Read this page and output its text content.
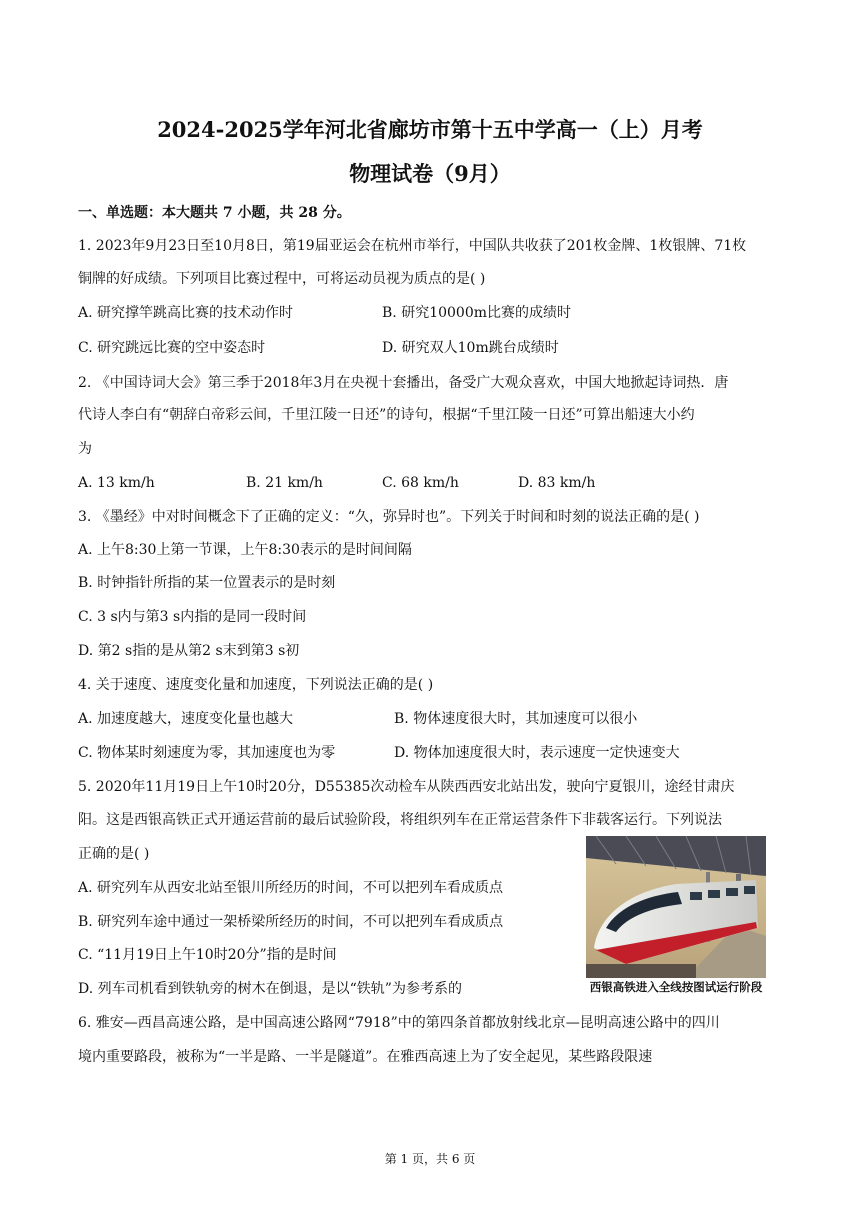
2024-2025学年河北省廊坊市第十五中学高一（上）月考
物理试卷（9月）
一、单选题：本大题共 7 小题，共 28 分。
1. 2023年9月23日至10月8日，第19届亚运会在杭州市举行，中国队共收获了201枚金牌、1枚银牌、71枚
铜牌的好成绩。下列项目比赛过程中，可将运动员视为质点的是( )
A. 研究撑竿跳高比赛的技术动作时	B. 研究10000m比赛的成绩时
C. 研究跳远比赛的空中姿态时	D. 研究双人10m跳台成绩时
2. 《中国诗词大会》第三季于2018年3月在央视十套播出，备受广大观众喜欢，中国大地掀起诗词热．唐
代诗人李白有“朝辞白帝彩云间，千里江陵一日还”的诗句，根据“千里江陵一日还”可算出船速大小约
为
A. 13 km/h	B. 21 km/h	C. 68 km/h	D. 83 km/h
3. 《墨经》中对时间概念下了正确的定义：“久，弥异时也”。下列关于时间和时刻的说法正确的是( )
A. 上午8:30上第一节课，上午8:30表示的是时间间隔
B. 时钟指针所指的某一位置表示的是时刻
C. 3 s内与第3 s内指的是同一段时间
D. 第2 s指的是从第2 s末到第3 s初
4. 关于速度、速度变化量和加速度，下列说法正确的是( )
A. 加速度越大，速度变化量也越大	B. 物体速度很大时，其加速度可以很小
C. 物体某时刻速度为零，其加速度也为零	D. 物体加速度很大时，表示速度一定快速变大
5. 2020年11月19日上午10时20分，D55385次动检车从陕西西安北站出发，驶向宁夏银川，途经甘肃庆
阳。这是西银高铁正式开通运营前的最后试验阶段，将组织列车在正常运营条件下非载客运行。下列说法
正确的是( )
A. 研究列车从西安北站至银川所经历的时间，不可以把列车看成质点
B. 研究列车途中通过一架桥梁所经历的时间，不可以把列车看成质点
C. “11月19日上午10时20分”指的是时间
D. 列车司机看到铁轨旁的树木在倒退，是以“铁轨”为参考系的	西银高铁进入全线按图试运行阶段
6. 雅安—西昌高速公路，是中国高速公路网“7918”中的第四条首都放射线北京—昆明高速公路中的四川
境内重要路段，被称为“一半是路、一半是隧道”。在雅西高速上为了安全起见，某些路段限速
第 1 页，共 6 页
